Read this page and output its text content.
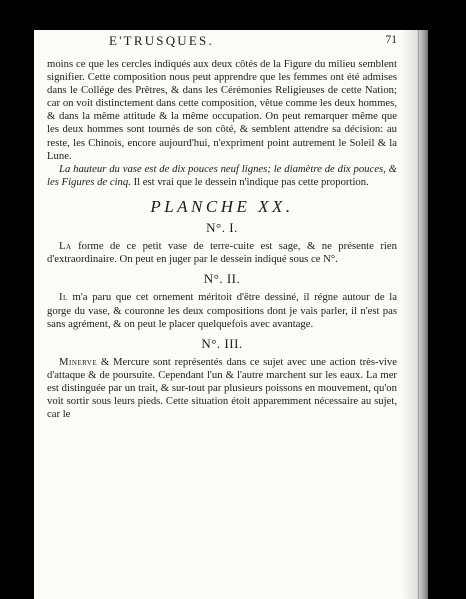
E'TRUSQUES.	71

moins ce que les cercles indiqués aux deux côtés de la Figure du milieu semblent signifier. Cette composition nous peut apprendre que les femmes ont été admises dans le Collége des Prêtres, & dans les Cérémonies Religieuses de cette Nation; car on voit distinctement dans cette composition, vêtue comme les deux hommes, & dans la même attitude & la même occupation. On peut remarquer même que les deux hommes sont tournés de son côté, & semblent attendre sa décision: au reste, les Chinois, encore aujourd'hui, n'expriment point autrement le Soleil & la Lune.

La hauteur du vase est de dix pouces neuf lignes; le diamètre de dix pouces, & les Figures de cinq. Il est vrai que le dessein n'indique pas cette proportion.

PLANCHE XX.
N°. I.

La forme de ce petit vase de terre-cuite est sage, & ne présente rien d'extraordinaire. On peut en juger par le dessein indiqué sous ce N°.

N°. II.

Il m'a paru que cet ornement méritoit d'être dessiné, il régne autour de la gorge du vase, & couronne les deux compositions dont je vais parler, il n'est pas sans agrément, & on peut le placer quelquefois avec avantage.

N°. III.

Minerve & Mercure sont représentés dans ce sujet avec une action très-vive d'attaque & de poursuite. Cependant l'un & l'autre marchent sur les eaux. La mer est distinguée par un trait, & sur-tout par plusieurs poissons en mouvement, qu'on voit sortir sous leurs pieds. Cette situation étoit apparemment nécessaire au sujet, car le
